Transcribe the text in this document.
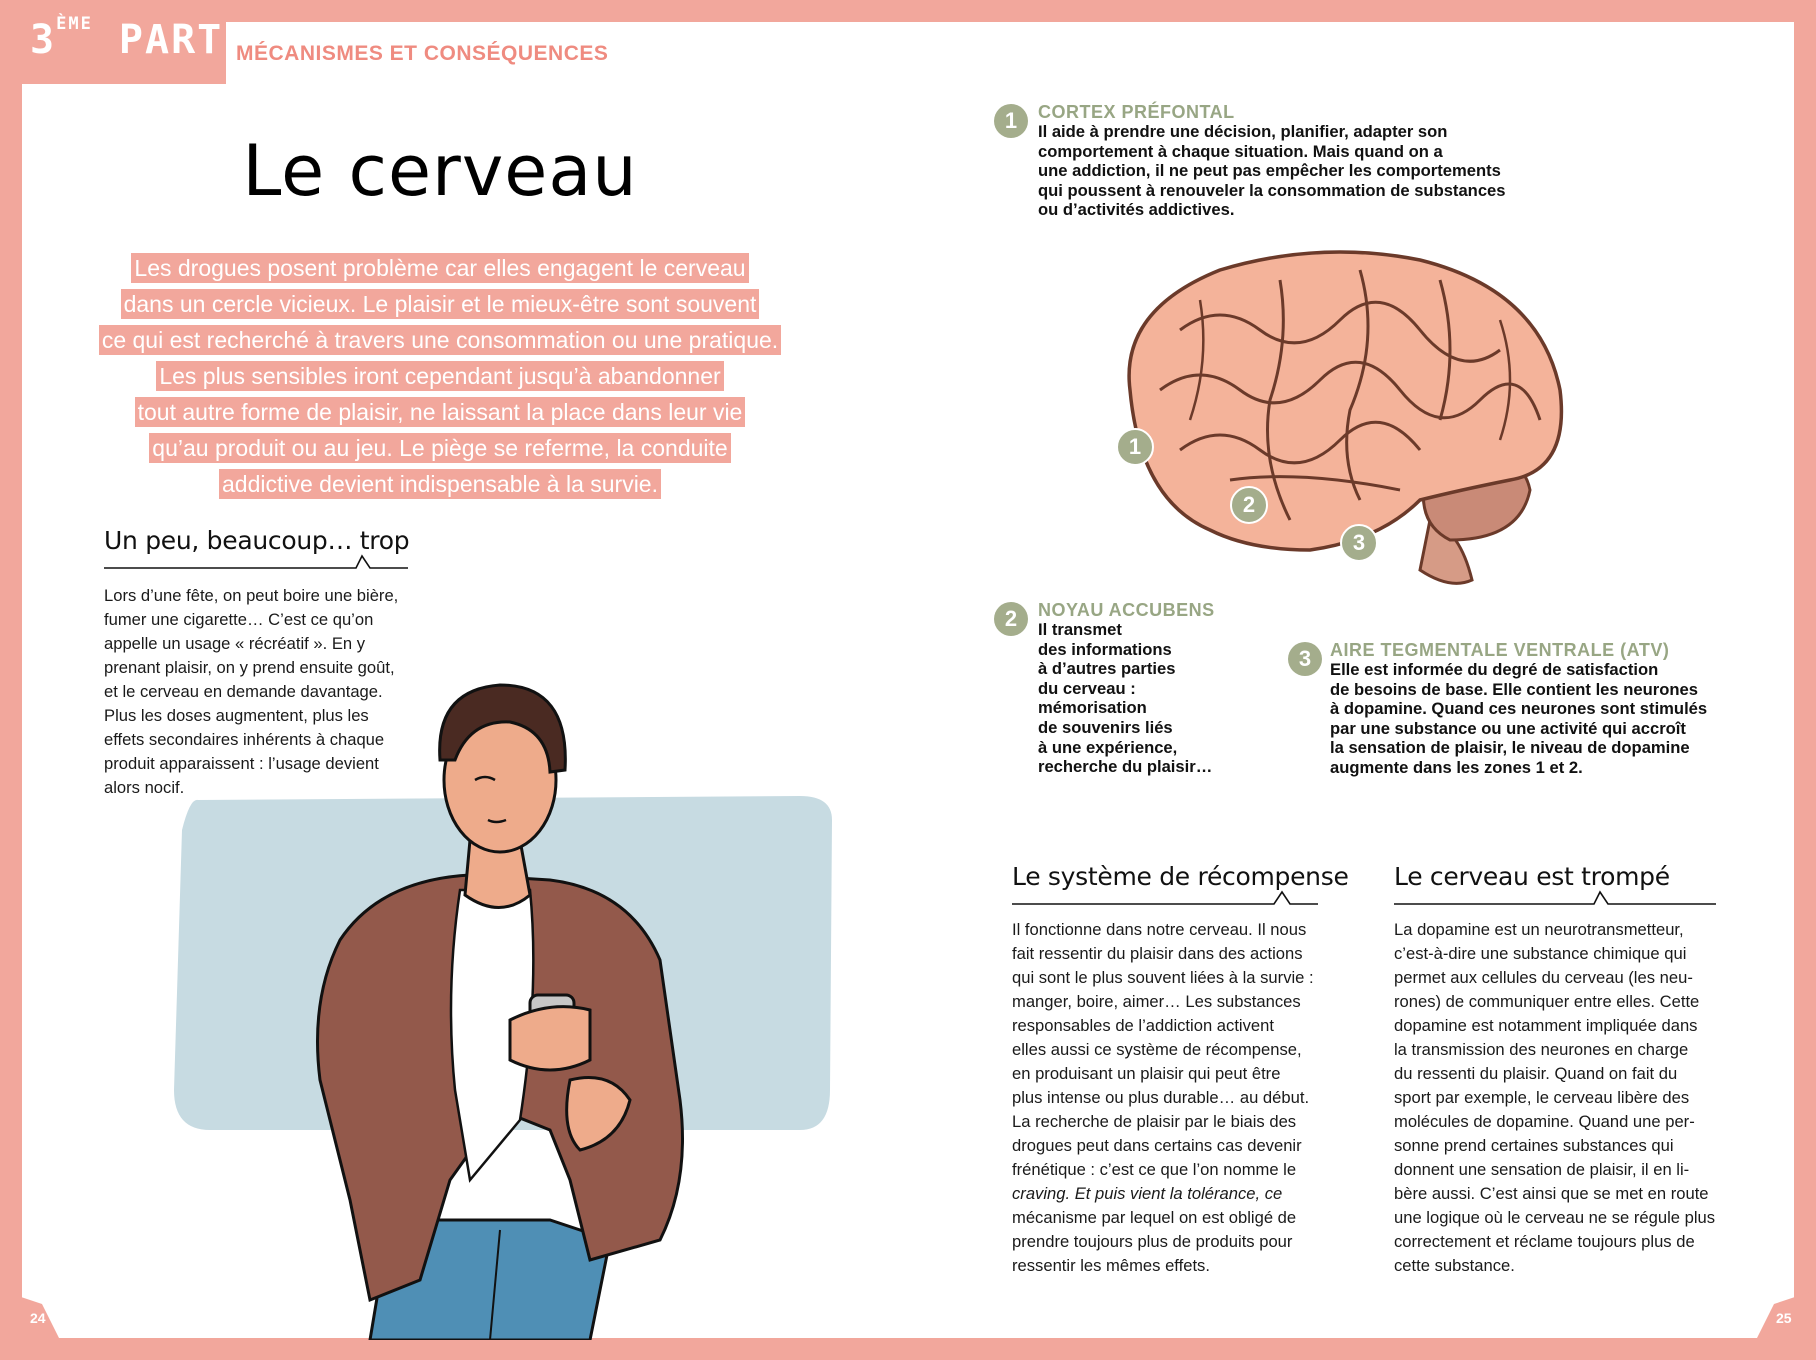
24	25
3ÈME PARTIE
MÉCANISMES ET CONSÉQUENCES
Le cerveau
Les drogues posent problème car elles engagent le cerveau
dans un cercle vicieux. Le plaisir et le mieux-être sont souvent
ce qui est recherché à travers une consommation ou une pratique.
Les plus sensibles iront cependant jusqu’à abandonner
tout autre forme de plaisir, ne laissant la place dans leur vie
qu’au produit ou au jeu. Le piège se referme, la conduite
addictive devient indispensable à la survie.
Un peu, beaucoup… trop
Lors d’une fête, on peut boire une bière,
fumer une cigarette… C’est ce qu’on
appelle un usage « récréatif ». En y
prenant plaisir, on y prend ensuite goût,
et le cerveau en demande davantage.
Plus les doses augmentent, plus les
effets secondaires inhérents à chaque
produit apparaissent : l’usage devient
alors nocif.
1
2
3
1	CORTEX PRÉFONTAL
Il aide à prendre une décision, planifier, adapter son
comportement à chaque situation. Mais quand on a
une addiction, il ne peut pas empêcher les comportements
qui poussent à renouveler la consommation de substances
ou d’activités addictives.
2	NOYAU ACCUBENS
Il transmet
des informations
à d’autres parties
du cerveau :
mémorisation
de souvenirs liés
à une expérience,
recherche du plaisir…
3	AIRE TEGMENTALE VENTRALE (ATV)
Elle est informée du degré de satisfaction
de besoins de base. Elle contient les neurones
à dopamine. Quand ces neurones sont stimulés
par une substance ou une activité qui accroît
la sensation de plaisir, le niveau de dopamine
augmente dans les zones 1 et 2.
Le système de récompense
Il fonctionne dans notre cerveau. Il nous
fait ressentir du plaisir dans des actions
qui sont le plus souvent liées à la survie :
manger, boire, aimer… Les substances
responsables de l’addiction activent
elles aussi ce système de récompense,
en produisant un plaisir qui peut être
plus intense ou plus durable… au début.
La recherche de plaisir par le biais des
drogues peut dans certains cas devenir
frénétique : c’est ce que l’on nomme le
craving. Et puis vient la tolérance, ce
mécanisme par lequel on est obligé de
prendre toujours plus de produits pour
ressentir les mêmes effets.
Le cerveau est trompé
La dopamine est un neurotransmetteur,
c’est-à-dire une substance chimique qui
permet aux cellules du cerveau (les neu-
rones) de communiquer entre elles. Cette
dopamine est notamment impliquée dans
la transmission des neurones en charge
du ressenti du plaisir. Quand on fait du
sport par exemple, le cerveau libère des
molécules de dopamine. Quand une per-
sonne prend certaines substances qui
donnent une sensation de plaisir, il en li-
bère aussi. C’est ainsi que se met en route
une logique où le cerveau ne se régule plus
correctement et réclame toujours plus de
cette substance.
